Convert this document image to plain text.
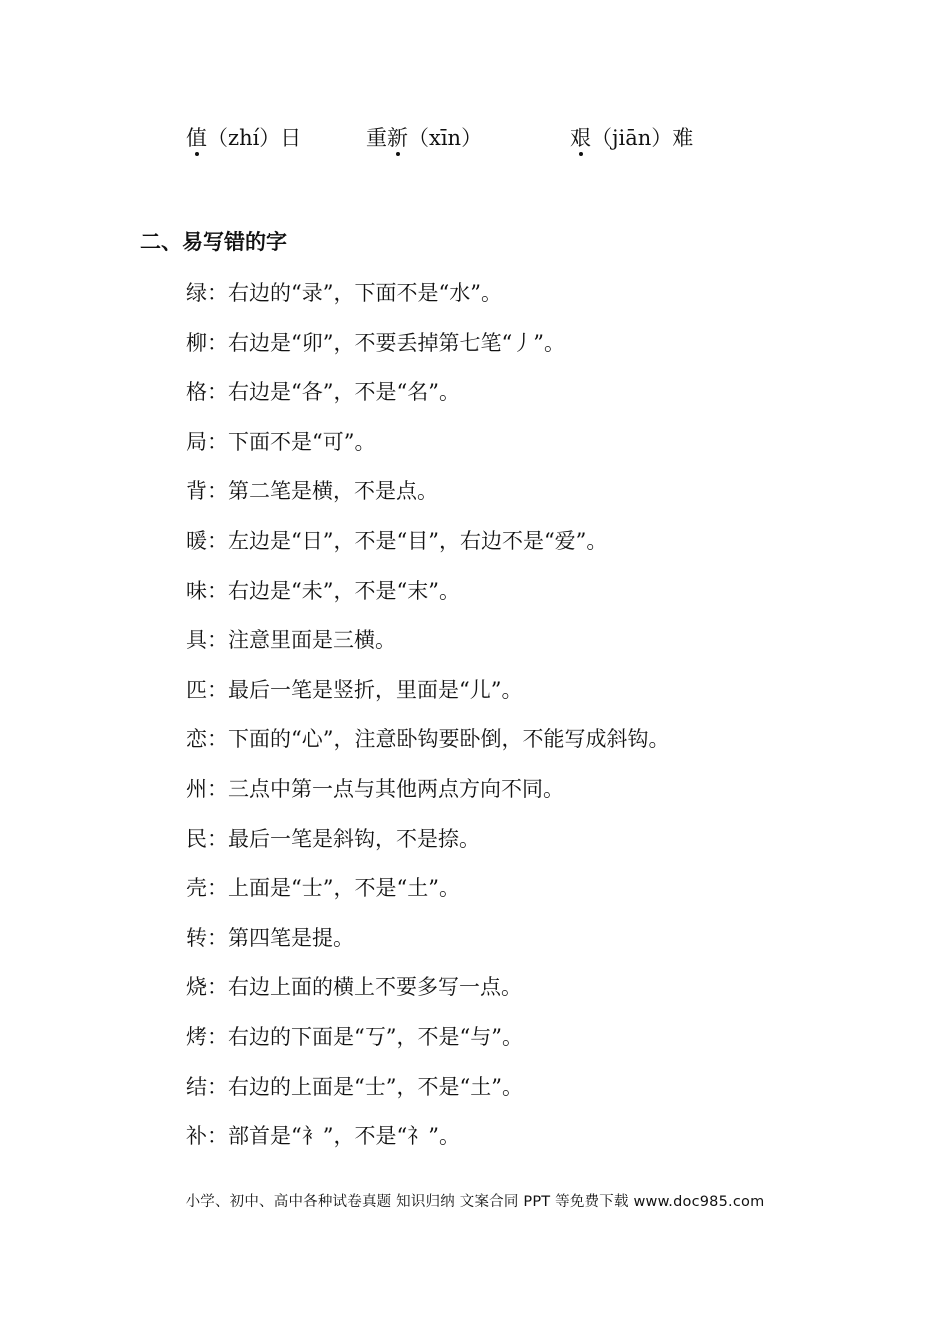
值（zhí）日	重新（xīn）	艰（jiān）难
二、易写错的字
绿：右边的“录”，下面不是“水”。
柳：右边是“卯”，不要丢掉第七笔“丿”。
格：右边是“各”，不是“名”。
局：下面不是“可”。
背：第二笔是横，不是点。
暖：左边是“日”，不是“目”，右边不是“爱”。
味：右边是“未”，不是“末”。
具：注意里面是三横。
匹：最后一笔是竖折，里面是“儿”。
恋：下面的“心”，注意卧钩要卧倒，不能写成斜钩。
州：三点中第一点与其他两点方向不同。
民：最后一笔是斜钩，不是捺。
壳：上面是“士”，不是“土”。
转：第四笔是提。
烧：右边上面的横上不要多写一点。
烤：右边的下面是“丂”，不是“与”。
结：右边的上面是“士”，不是“土”。
补：部首是“衤”，不是“礻”。
小学、初中、高中各种试卷真题 知识归纳 文案合同 PPT 等免费下载 www.doc985.com
